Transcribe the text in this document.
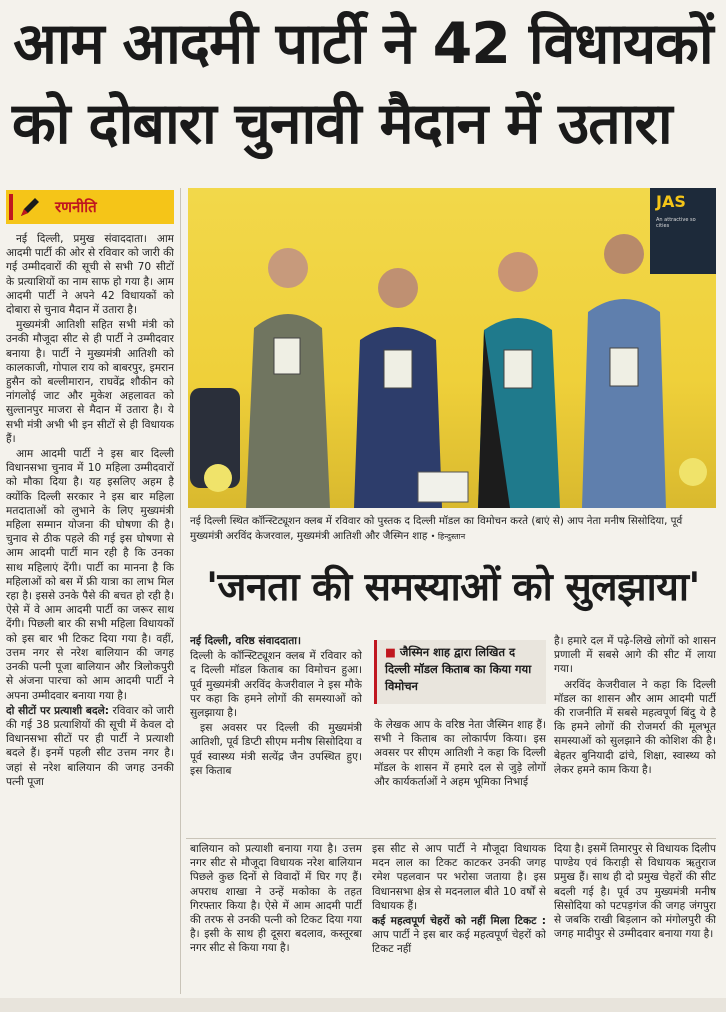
आम आदमी पार्टी ने 42 विधायकों
को दोबारा चुनावी मैदान में उतारा
रणनीति

नई दिल्ली, प्रमुख संवाददाता। आम आदमी पार्टी की ओर से रविवार को जारी की गई उम्मीदवारों की सूची से सभी 70 सीटों के प्रत्याशियों का नाम साफ हो गया है। आम आदमी पार्टी ने अपने 42 विधायकों को दोबारा से चुनाव मैदान में उतारा है।

मुख्यमंत्री आतिशी सहित सभी मंत्री को उनकी मौजूदा सीट से ही पार्टी ने उम्मीदवार बनाया है। पार्टी ने मुख्यमंत्री आतिशी को कालकाजी, गोपाल राय को बाबरपुर, इमरान हुसैन को बल्लीमारान, राघवेंद्र शौकीन को नांगलोई जाट और मुकेश अहलावत को सुल्तानपुर माजरा से मैदान में उतारा है। ये सभी मंत्री अभी भी इन सीटों से ही विधायक हैं।

आम आदमी पार्टी ने इस बार दिल्ली विधानसभा चुनाव में 10 महिला उम्मीदवारों को मौका दिया है। यह इसलिए अहम है क्योंकि दिल्ली सरकार ने इस बार महिला मतदाताओं को लुभाने के लिए मुख्यमंत्री महिला सम्मान योजना की घोषणा की है। चुनाव से ठीक पहले की गई इस घोषणा से आम आदमी पार्टी मान रही है कि उनका साथ महिलाएं देंगी। पार्टी का मानना है कि महिलाओं को बस में फ्री यात्रा का लाभ मिल रहा है। इससे उनके पैसे की बचत हो रही है। ऐसे में वे आम आदमी पार्टी का जरूर साथ देंगी। पिछली बार की सभी महिला विधायकों को इस बार भी टिकट दिया गया है। वहीं, उत्तम नगर से नरेश बालियान की जगह उनकी पत्नी पूजा बालियान और त्रिलोकपुरी से अंजना पारचा को आम आदमी पार्टी ने अपना उम्मीदवार बनाया गया है।

दो सीटों पर प्रत्याशी बदले: रविवार को जारी की गई 38 प्रत्याशियों की सूची में केवल दो विधानसभा सीटों पर ही पार्टी ने प्रत्याशी बदले हैं। इनमें पहली सीट उत्तम नगर है। जहां से नरेश बालियान की जगह उनकी पत्नी पूजा

JAS
An attractive so cities
नई दिल्ली स्थित कॉन्स्टिट्यूशन क्लब में रविवार को पुस्तक द दिल्ली मॉडल का विमोचन करते (बाएं से) आप नेता मनीष सिसोदिया, पूर्व मुख्यमंत्री अरविंद केजरवाल, मुख्यमंत्री आतिशी और जैस्मिन शाह • हिन्दुस्तान
'जनता की समस्याओं को सुलझाया'

नई दिल्ली, वरिष्ठ संवाददाता।

दिल्ली के कॉन्स्टिट्यूशन क्लब में रविवार को द दिल्ली मॉडल किताब का विमोचन हुआ। पूर्व मुख्यमंत्री अरविंद केजरीवाल ने इस मौके पर कहा कि हमने लोगों की समस्याओं को सुलझाया है।

इस अवसर पर दिल्ली की मुख्यमंत्री आतिशी, पूर्व डिप्टी सीएम मनीष सिसोदिया व पूर्व स्वास्थ्य मंत्री सत्येंद्र जैन उपस्थित हुए। इस किताब

■ जैस्मिन शाह द्वारा लिखित द दिल्ली मॉडल किताब का किया गया विमोचन

के लेखक आप के वरिष्ठ नेता जैस्मिन शाह हैं। सभी ने किताब का लोकार्पण किया। इस अवसर पर सीएम आतिशी ने कहा कि दिल्ली मॉडल के शासन में हमारे दल से जुड़े लोगों और कार्यकर्ताओं ने अहम भूमिका निभाई

है। हमारे दल में पढ़े-लिखे लोगों को शासन प्रणाली में सबसे आगे की सीट में लाया गया।

अरविंद केजरीवाल ने कहा कि दिल्ली मॉडल का शासन और आम आदमी पार्टी की राजनीति में सबसे महत्वपूर्ण बिंदु ये है कि हमने लोगों की रोजमर्रा की मूलभूत समस्याओं को सुलझाने की कोशिश की है। बेहतर बुनियादी ढांचे, शिक्षा, स्वास्थ्य को लेकर हमने काम किया है।

बालियान को प्रत्याशी बनाया गया है। उत्तम नगर सीट से मौजूदा विधायक नरेश बालियान पिछले कुछ दिनों से विवादों में घिर गए हैं। अपराध शाखा ने उन्हें मकोका के तहत गिरफ्तार किया है। ऐसे में आम आदमी पार्टी की तरफ से उनकी पत्नी को टिकट दिया गया है। इसी के साथ ही दूसरा बदलाव, कस्तूरबा नगर सीट से किया गया है।

इस सीट से आप पार्टी ने मौजूदा विधायक मदन लाल का टिकट काटकर उनकी जगह रमेश पहलवान पर भरोसा जताया है। इस विधानसभा क्षेत्र से मदनलाल बीते 10 वर्षों से विधायक हैं।

कई महत्वपूर्ण चेहरों को नहीं मिला टिकट : आप पार्टी ने इस बार कई महत्वपूर्ण चेहरों को टिकट नहीं

दिया है। इसमें तिमारपुर से विधायक दिलीप पाण्डेय एवं किराड़ी से विधायक ऋतुराज प्रमुख हैं। साथ ही दो प्रमुख चेहरों की सीट बदली गई है। पूर्व उप मुख्यमंत्री मनीष सिसोदिया को पटपड़गंज की जगह जंगपुरा से जबकि राखी बिड़लान को मंगोलपुरी की जगह मादीपुर से उम्मीदवार बनाया गया है।
